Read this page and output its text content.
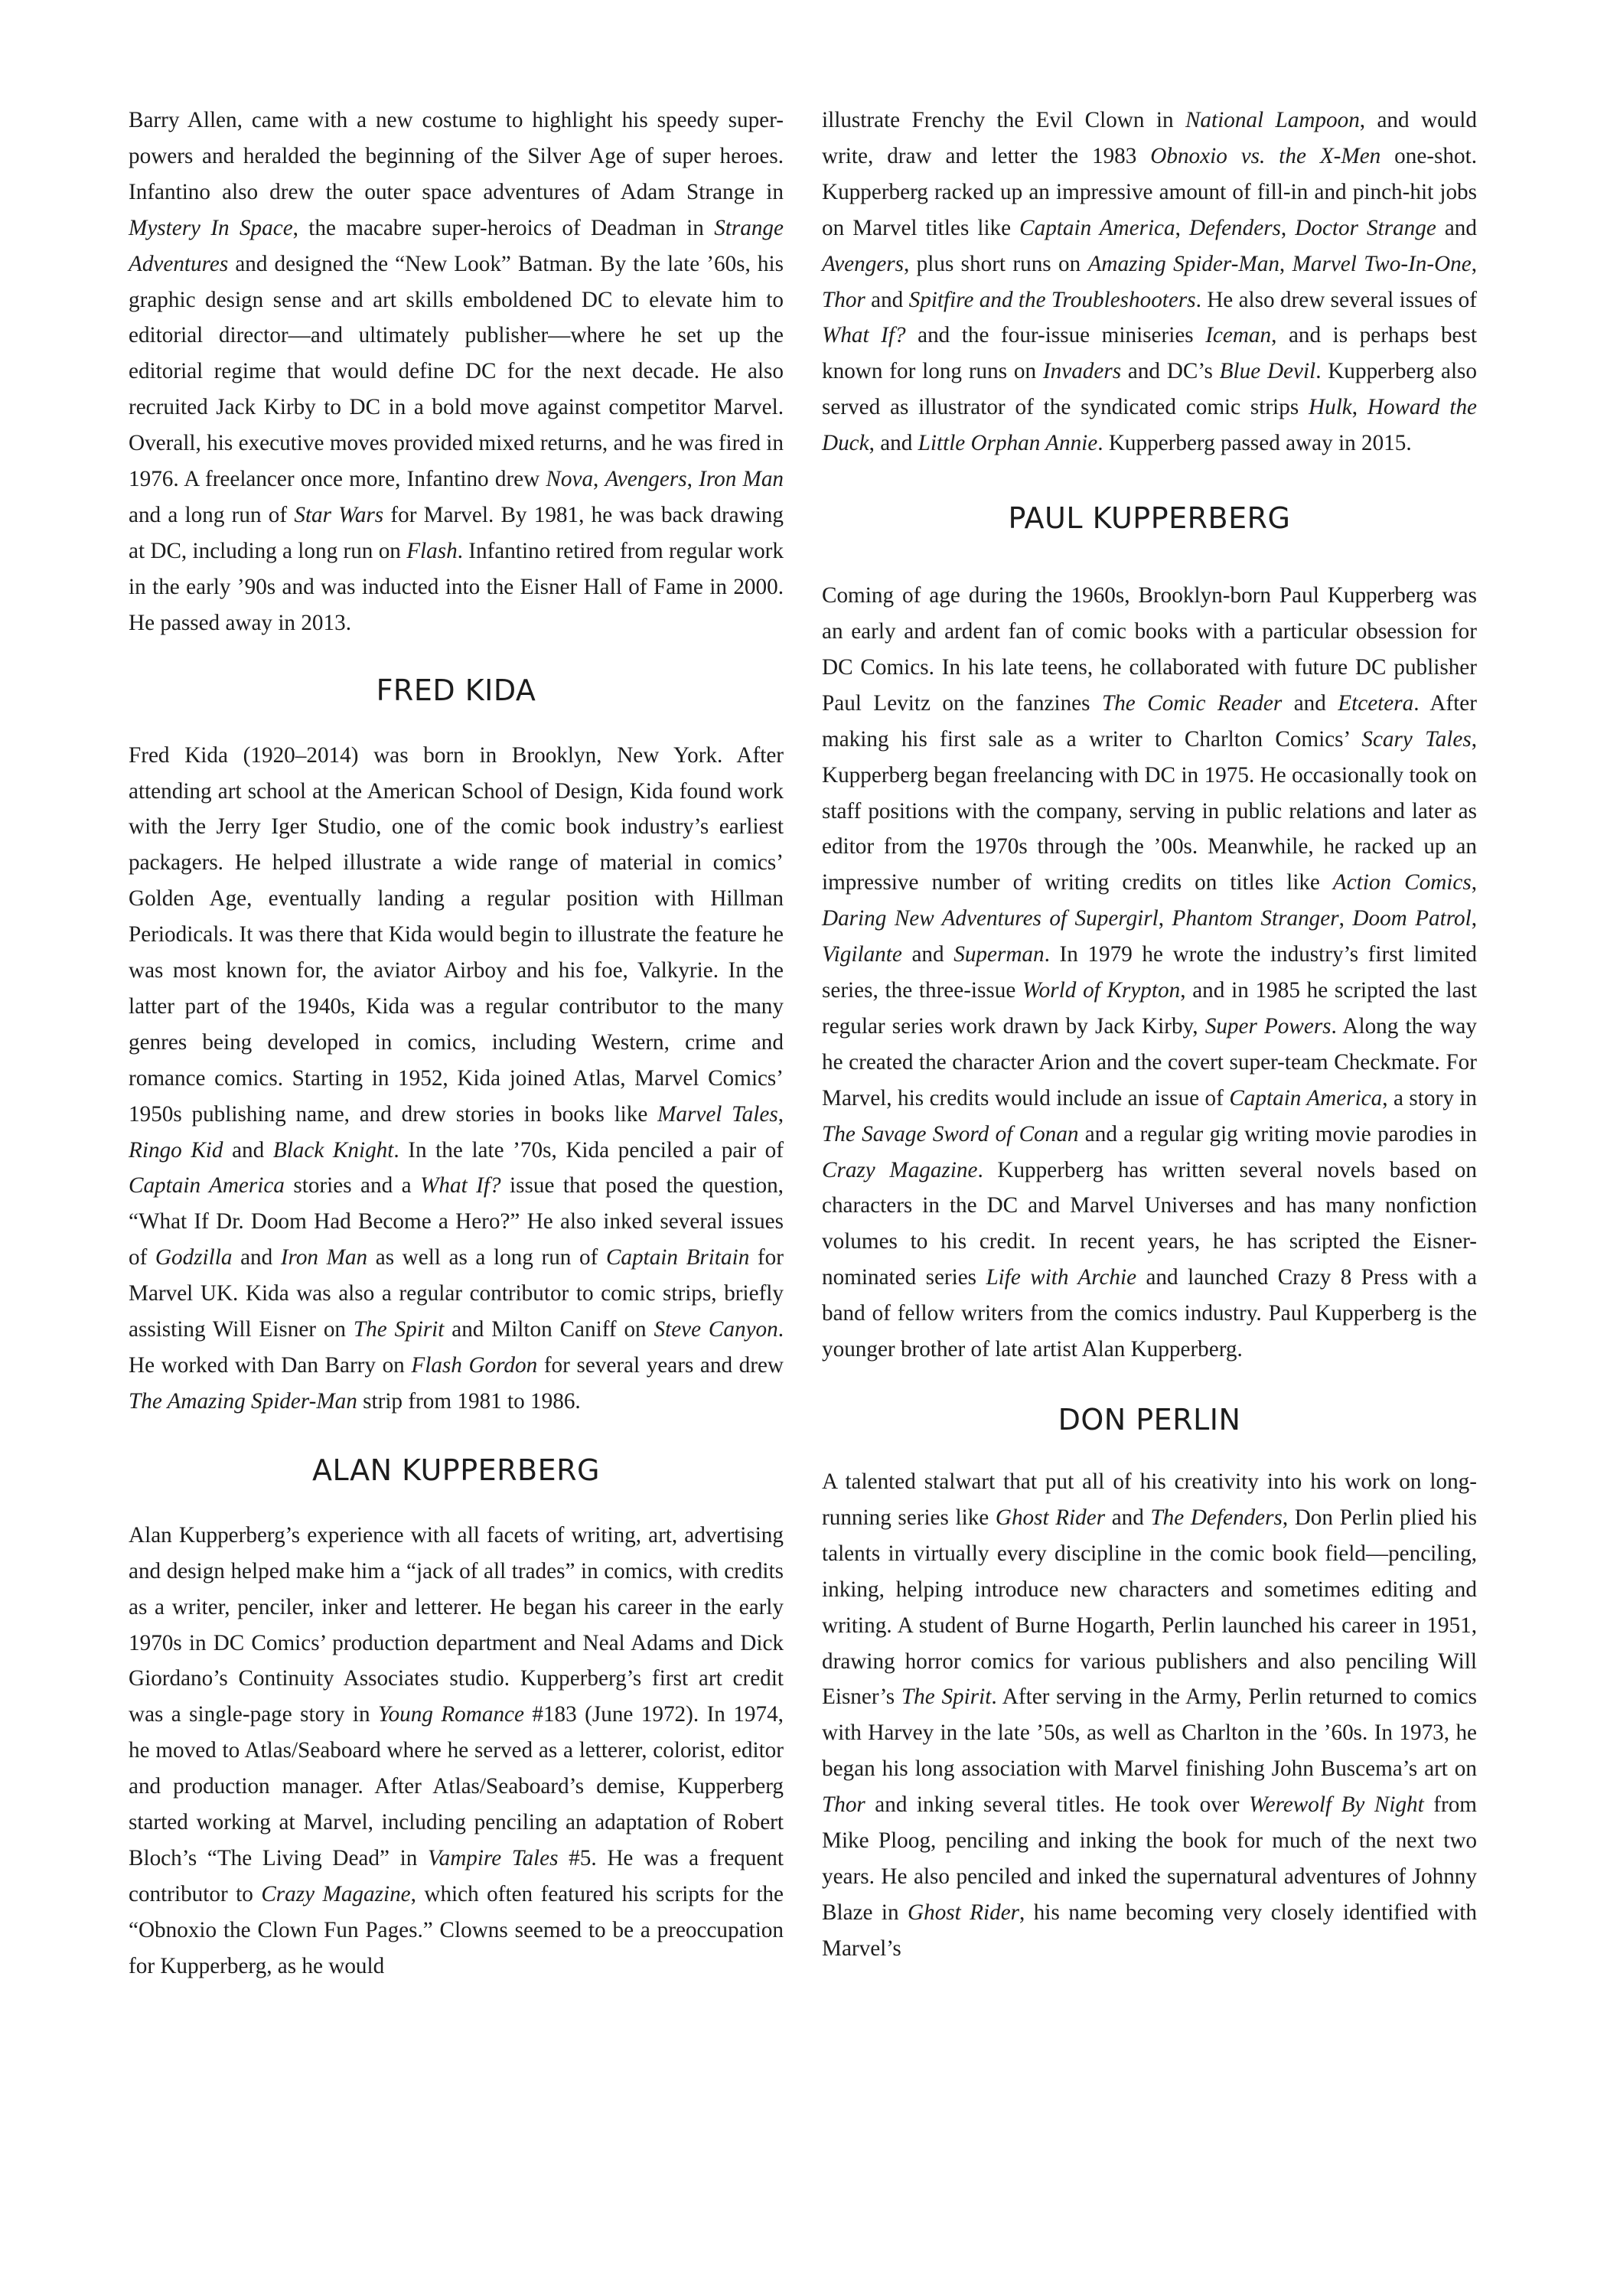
Barry Allen, came with a new costume to highlight his speedy super-powers and heralded the beginning of the Silver Age of super heroes. Infantino also drew the outer space adventures of Adam Strange in Mystery In Space, the macabre super-heroics of Deadman in Strange Adventures and designed the “New Look” Batman. By the late ’60s, his graphic design sense and art skills emboldened DC to elevate him to editorial director—and ultimately publisher—where he set up the editorial regime that would define DC for the next decade. He also recruited Jack Kirby to DC in a bold move against competitor Marvel. Overall, his executive moves provided mixed returns, and he was fired in 1976. A freelancer once more, Infantino drew Nova, Avengers, Iron Man and a long run of Star Wars for Marvel. By 1981, he was back drawing at DC, including a long run on Flash. Infantino retired from regular work in the early ’90s and was inducted into the Eisner Hall of Fame in 2000. He passed away in 2013.

FRED KIDA

Fred Kida (1920–2014) was born in Brooklyn, New York. After attending art school at the American School of Design, Kida found work with the Jerry Iger Studio, one of the comic book industry’s earliest packagers. He helped illustrate a wide range of material in comics’ Golden Age, eventually landing a regular position with Hillman Periodicals. It was there that Kida would begin to illustrate the feature he was most known for, the aviator Airboy and his foe, Valkyrie. In the latter part of the 1940s, Kida was a regular contributor to the many genres being developed in comics, including Western, crime and romance comics. Starting in 1952, Kida joined Atlas, Marvel Comics’ 1950s publishing name, and drew stories in books like Marvel Tales, Ringo Kid and Black Knight. In the late ’70s, Kida penciled a pair of Captain America stories and a What If? issue that posed the question, “What If Dr. Doom Had Become a Hero?” He also inked several issues of Godzilla and Iron Man as well as a long run of Captain Britain for Marvel UK. Kida was also a regular contributor to comic strips, briefly assisting Will Eisner on The Spirit and Milton Caniff on Steve Canyon. He worked with Dan Barry on Flash Gordon for several years and drew The Amazing Spider-Man strip from 1981 to 1986.

ALAN KUPPERBERG

Alan Kupperberg’s experience with all facets of writing, art, advertising and design helped make him a “jack of all trades” in comics, with credits as a writer, penciler, inker and letterer. He began his career in the early 1970s in DC Comics’ production department and Neal Adams and Dick Giordano’s Continuity Associates studio. Kupperberg’s first art credit was a single-page story in Young Romance #183 (June 1972). In 1974, he moved to Atlas/Seaboard where he served as a letterer, colorist, editor and production manager. After Atlas/Seaboard’s demise, Kupperberg started working at Marvel, including penciling an adaptation of Robert Bloch’s “The Living Dead” in Vampire Tales #5. He was a frequent contributor to Crazy Magazine, which often featured his scripts for the “Obnoxio the Clown Fun Pages.” Clowns seemed to be a preoccupation for Kupperberg, as he would

illustrate Frenchy the Evil Clown in National Lampoon, and would write, draw and letter the 1983 Obnoxio vs. the X-Men one-shot. Kupperberg racked up an impressive amount of fill-in and pinch-hit jobs on Marvel titles like Captain America, Defenders, Doctor Strange and Avengers, plus short runs on Amazing Spider-Man, Marvel Two-In-One, Thor and Spitfire and the Troubleshooters. He also drew several issues of What If? and the four-issue miniseries Iceman, and is perhaps best known for long runs on Invaders and DC’s Blue Devil. Kupperberg also served as illustrator of the syndicated comic strips Hulk, Howard the Duck, and Little Orphan Annie. Kupperberg passed away in 2015.

PAUL KUPPERBERG

Coming of age during the 1960s, Brooklyn-born Paul Kupperberg was an early and ardent fan of comic books with a particular obsession for DC Comics. In his late teens, he collaborated with future DC publisher Paul Levitz on the fanzines The Comic Reader and Etcetera. After making his first sale as a writer to Charlton Comics’ Scary Tales, Kupperberg began freelancing with DC in 1975. He occasionally took on staff positions with the company, serving in public relations and later as editor from the 1970s through the ’00s. Meanwhile, he racked up an impressive number of writing credits on titles like Action Comics, Daring New Adventures of Supergirl, Phantom Stranger, Doom Patrol, Vigilante and Superman. In 1979 he wrote the industry’s first limited series, the three-issue World of Krypton, and in 1985 he scripted the last regular series work drawn by Jack Kirby, Super Powers. Along the way he created the character Arion and the covert super-team Checkmate. For Marvel, his credits would include an issue of Captain America, a story in The Savage Sword of Conan and a regular gig writing movie parodies in Crazy Magazine. Kupperberg has written several novels based on characters in the DC and Marvel Universes and has many nonfiction volumes to his credit. In recent years, he has scripted the Eisner-nominated series Life with Archie and launched Crazy 8 Press with a band of fellow writers from the comics industry. Paul Kupperberg is the younger brother of late artist Alan Kupperberg.

DON PERLIN

A talented stalwart that put all of his creativity into his work on long-running series like Ghost Rider and The Defenders, Don Perlin plied his talents in virtually every discipline in the comic book field—penciling, inking, helping introduce new characters and sometimes editing and writing. A student of Burne Hogarth, Perlin launched his career in 1951, drawing horror comics for various publishers and also penciling Will Eisner’s The Spirit. After serving in the Army, Perlin returned to comics with Harvey in the late ’50s, as well as Charlton in the ’60s. In 1973, he began his long association with Marvel finishing John Buscema’s art on Thor and inking several titles. He took over Werewolf By Night from Mike Ploog, penciling and inking the book for much of the next two years. He also penciled and inked the supernatural adventures of Johnny Blaze in Ghost Rider, his name becoming very closely identified with Marvel’s
